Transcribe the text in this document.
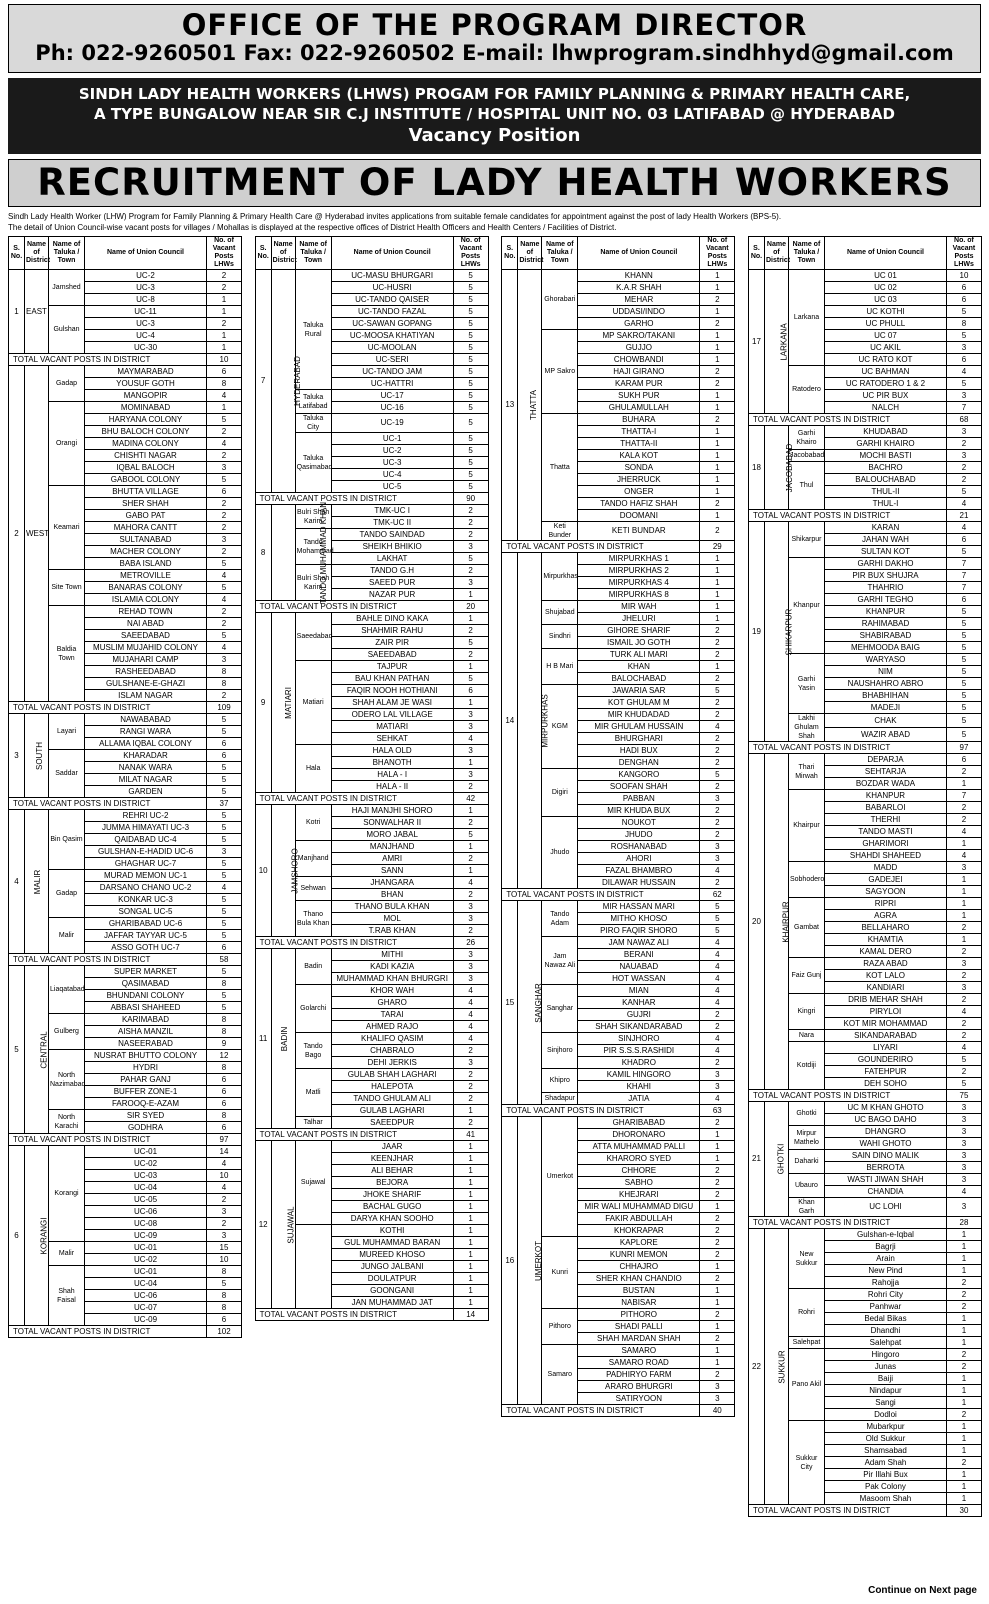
OFFICE OF THE PROGRAM DIRECTOR
Ph: 022-9260501 Fax: 022-9260502 E-mail: lhwprogram.sindhhyd@gmail.com
SINDH LADY HEALTH WORKERS (LHWS) PROGAM FOR FAMILY PLANNING & PRIMARY HEALTH CARE,
A TYPE BUNGALOW NEAR SIR C.J INSTITUTE / HOSPITAL UNIT NO. 03 LATIFABAD @ HYDERABAD
Vacancy Position
RECRUITMENT OF LADY HEALTH WORKERS
Sindh Lady Health Worker (LHW) Program for Family Planning & Primary Health Care @ Hyderabad invites applications from suitable female candidates for appointment against the post of lady Health Workers (BPS-5).
The detail of Union Council-wise vacant posts for villages / Mohallas is displayed at the respective offices of District Health Officers and Health Centers / Facilities of District.
S. No.	Name of District	Name of Taluka / Town	Name of Union Council	No. of Vacant Posts LHWs
1	EAST	Jamshed	UC-2	2
			UC-3	2
			UC-8	1
		Gulshan	UC-11	1
			UC-3	2
			UC-4	1
			UC-30	1
TOTAL VACANT POSTS IN DISTRICT				10
2	WEST	Gadap	MAYMARABAD	6
			YOUSUF GOTH	8
			MANGOPIR	4
		Orangi	MOMINABAD	1
			HARYANA COLONY	5
			BHU BALOCH COLONY	2
			MADINA COLONY	4
			CHISHTI NAGAR	2
			IQBAL BALOCH	3
			GABOOL COLONY	5
		Keamari	BHUTTA VILLAGE	6
			SHER SHAH	2
			GABO PAT	2
			MAHORA CANTT	2
			SULTANABAD	3
			MACHER COLONY	2
			BABA ISLAND	5
		Site Town	METROVILLE	4
			BANARAS COLONY	5
			ISLAMIA COLONY	4
		Baldia Town	REHAD TOWN	2
			NAI ABAD	2
			SAEEDABAD	5
			MUSLIM MUJAHID COLONY	4
			MUJAHARI CAMP	3
			RASHEEDABAD	8
			GULSHANE-E-GHAZI	8
			ISLAM NAGAR	2
TOTAL VACANT POSTS IN DISTRICT				109
3	SOUTH	Layari	NAWABABAD	5
			RANGI WARA	5
			ALLAMA IQBAL COLONY	6
		Saddar	KHARADAR	6
			NANAK WARA	5
			MILAT NAGAR	5
			GARDEN	5
TOTAL VACANT POSTS IN DISTRICT				37
4	MALIR	Bin Qasim	REHRI UC-2	5
			JUMMA HIMAYATI UC-3	5
			QAIDABAD UC-4	5
			GULSHAN-E-HADID UC-6	3
			GHAGHAR UC-7	5
		Gadap	MURAD MEMON UC-1	5
			DARSANO CHANO UC-2	4
			KONKAR UC-3	5
			SONGAL UC-5	5
		Malir	GHARIBABAD UC-6	5
			JAFFAR TAYYAR UC-5	5
			ASSO GOTH UC-7	6
TOTAL VACANT POSTS IN DISTRICT				58
5	CENTRAL	Liaqatabad	SUPER MARKET	5
			QASIMABAD	8
			BHUNDANI COLONY	5
			ABBASI SHAHEED	5
		Gulberg	KARIMABAD	8
			AISHA MANZIL	8
			NASEERABAD	9
		North Nazimabad	NUSRAT BHUTTO COLONY	12
			HYDRI	8
			PAHAR GANJ	6
			BUFFER ZONE-1	6
			FAROOQ-E-AZAM	6
		North Karachi	SIR SYED	8
			GODHRA	6
TOTAL VACANT POSTS IN DISTRICT				97
6	KORANGI	Korangi	UC-01	14
			UC-02	4
			UC-03	10
			UC-04	4
			UC-05	2
			UC-06	3
			UC-08	2
			UC-09	3
		Malir	UC-01	15
			UC-02	10
		Shah Faisal	UC-01	8
			UC-04	5
			UC-06	8
			UC-07	8
			UC-09	6
TOTAL VACANT POSTS IN DISTRICT				102
S. No.	Name of District	Name of Taluka / Town	Name of Union Council	No. of Vacant Posts LHWs
7	HYDERABAD	Taluka Rural	UC-MASU BHURGARI	5
			UC-HUSRI	5
			UC-TANDO QAISER	5
			UC-TANDO FAZAL	5
			UC-SAWAN GOPANG	5
			UC-MOOSA KHATIYAN	5
			UC-MOOLAN	5
			UC-SERI	5
			UC-TANDO JAM	5
			UC-HATTRI	5
		Taluka Latifabad	UC-17	5
			UC-16	5
		Taluka City	UC-19	5
		Taluka Qasimabad	UC-1	5
			UC-2	5
			UC-3	5
			UC-4	5
			UC-5	5
TOTAL VACANT POSTS IN DISTRICT				90
8	TANDO MUHAMMAD KHAN	Bulri Shah Karim	TMK-UC I	2
			TMK-UC II	2
		Tando Mohammad	TANDO SAINDAD	2
			SHEIKH BHIKIO	3
			LAKHAT	5
		Bulri Shah Karim	TANDO G.H	2
			SAEED PUR	3
			NAZAR PUR	1
TOTAL VACANT POSTS IN DISTRICT				20
9	MATIARI	Saeedabad	BAHLE DINO KAKA	1
			SHAHMIR RAHU	2
			ZAIR PIR	5
			SAEEDABAD	2
		Matiari	TAJPUR	1
			BAU KHAN PATHAN	5
			FAQIR NOOH HOTHIANI	6
			SHAH ALAM JE WASI	1
			ODERO LAL VILLAGE	3
			MATIARI	3
			SEHKAT	4
		Hala	HALA OLD	3
			BHANOTH	1
			HALA - I	3
			HALA - II	2
TOTAL VACANT POSTS IN DISTRICT				42
10	JAMSHORO	Kotri	HAJI MANJHI SHORO	1
			SONWALHAR II	2
			MORO JABAL	5
		Manjhand	MANJHAND	1
			AMRI	2
			SANN	1
		Sehwan	JHANGARA	4
			BHAN	2
		Thano Bula Khan	THANO BULA KHAN	3
			MOL	3
			T.RAB KHAN	2
TOTAL VACANT POSTS IN DISTRICT				26
11	BADIN	Badin	MITHI	3
			KADI KAZIA	3
			MUHAMMAD KHAN BHURGRI	3
		Golarchi	KHOR WAH	4
			GHARO	4
			TARAI	4
			AHMED RAJO	4
		Tando Bago	KHALIFO QASIM	4
			CHABRALO	2
			DEHI JERKIS	3
		Matli	GULAB SHAH LAGHARI	2
			HALEPOTA	2
			TANDO GHULAM ALI	2
			GULAB LAGHARI	1
		Talhar	SAEEDPUR	2
TOTAL VACANT POSTS IN DISTRICT				41
12	SUJAWAL	Sujawal	JAAR	1
			KEENJHAR	1
			ALI BEHAR	1
			BEJORA	1
			JHOKE SHARIF	1
			BACHAL GUGO	1
			DARYA KHAN SOOHO	1
			KOTHI	1
			GUL MUHAMMAD BARAN	1
			MUREED KHOSO	1
			JUNGO JALBANI	1
			DOULATPUR	1
			GOONGANI	1
			JAN MUHAMMAD JAT	1
TOTAL VACANT POSTS IN DISTRICT				14
S. No.	Name of District	Name of Taluka / Town	Name of Union Council	No. of Vacant Posts LHWs
13	THATTA	Ghorabari	KHANN	1
			K.A.R SHAH	1
			MEHAR	2
			UDDASI/INDO	1
			GARHO	2
		MP Sakro	MP SAKRO/TAKANI	1
			GUJJO	1
			CHOWBANDI	1
			HAJI GIRANO	2
			KARAM PUR	2
			SUKH PUR	1
			GHULAMULLAH	1
		Thatta	BUHARA	2
			THATTA-I	1
			THATTA-II	1
			KALA KOT	1
			SONDA	1
			JHERRUCK	1
			ONGER	1
			TANDO HAFIZ SHAH	2
			DOOMANI	1
		Keti Bunder	KETI BUNDAR	2
TOTAL VACANT POSTS IN DISTRICT				29
14	MIRPURKHAS	Mirpurkhas	MIRPURKHAS 1	1
			MIRPURKHAS 2	1
			MIRPURKHAS 4	1
			MIRPURKHAS 8	1
		Shujabad	MIR WAH	1
			JHELURI	1
		Sindhri	GIHORE SHARIF	2
			ISMAIL JO GOTH	2
		H B Mari	TURK ALI MARI	2
			KHAN	1
			BALOCHABAD	2
		KGM	JAWARIA SAR	5
			KOT GHULAM M	2
			MIR KHUDADAD	2
			MIR GHULAM HUSSAIN	4
			BHURGHARI	2
			HADI BUX	2
			DENGHAN	2
		Digiri	KANGORO	5
			SOOFAN SHAH	2
			PABBAN	3
			MIR KHUDA BUX	2
		Jhudo	NOUKOT	2
			JHUDO	2
			ROSHANABAD	3
			AHORI	3
			FAZAL BHAMBRO	4
			DILAWAR HUSSAIN	2
TOTAL VACANT POSTS IN DISTRICT				62
15	SANGHAR	Tando Adam	MIR HASSAN MARI	5
			MITHO KHOSO	5
			PIRO FAQIR SHORO	5
		Jam Nawaz Ali	JAM NAWAZ ALI	4
			BERANI	4
			NAUABAD	4
			HOT WASSAN	4
		Sanghar	MIAN	4
			KANHAR	4
			GUJRI	2
			SHAH SIKANDARABAD	2
		Sinjhoro	SINJHORO	4
			PIR S.S.S.RASHIDI	4
			KHADRO	2
		Khipro	KAMIL HINGORO	3
			KHAHI	3
		Shadapur	JATIA	4
TOTAL VACANT POSTS IN DISTRICT				63
16	UMERKOT	Umerkot	GHARIBABAD	2
			DHORONARO	1
			ATTA MUHAMMAD PALLI	1
			KHARORO SYED	1
			CHHORE	2
			SABHO	2
			KHEJRARI	2
			MIR WALI MUHAMMAD DIGU	1
			FAKIR ABDULLAH	2
			KHOKRAPAR	2
		Kunri	KAPLORE	2
			KUNRI MEMON	2
			CHHAJRO	1
			SHER KHAN CHANDIO	2
			BUSTAN	1
			NABISAR	1
		Pithoro	PITHORO	2
			SHADI PALLI	1
			SHAH MARDAN SHAH	2
		Samaro	SAMARO	1
			SAMARO ROAD	1
			PADHIRYO FARM	2
			ARARO BHURGRI	3
			SATIRYOON	3
TOTAL VACANT POSTS IN DISTRICT				40
S. No.	Name of District	Name of Taluka / Town	Name of Union Council	No. of Vacant Posts LHWs
17	LARKANA	Larkana	UC 01	10
			UC 02	6
			UC 03	6
			UC KOTHI	5
			UC PHULL	8
			UC 07	5
			UC AKIL	3
			UC RATO KOT	6
		Ratodero	UC BAHMAN	4
			UC RATODERO 1 & 2	5
			UC PIR BUX	3
			NALCH	7
TOTAL VACANT POSTS IN DISTRICT				68
18	JACOBABAD	Garhi Khairo	KHUDABAD	3
			GARHI KHAIRO	2
		Jacobabad	MOCHI BASTI	3
		Thul	BACHRO	2
			BALOUCHABAD	2
			THUL-II	5
			THUL-I	4
TOTAL VACANT POSTS IN DISTRICT				21
19	SHIKARPUR	Shikarpur	KARAN	4
			JAHAN WAH	6
			SULTAN KOT	5
		Khanpur	GARHI DAKHO	7
			PIR BUX SHUJRA	7
			THAHRIO	7
			GARHI TEGHO	6
			KHANPUR	5
			RAHIMABAD	5
			SHABIRABAD	5
			MEHMOODA BAIG	5
		Garhi Yasin	WARYASO	5
			NIM	5
			NAUSHAHRO ABRO	5
			BHABHIHAN	5
			MADEJI	5
		Lakhi Ghulam Shah	CHAK	5
			WAZIR ABAD	5
TOTAL VACANT POSTS IN DISTRICT				97
20	KHAIRPUR	Thari Mirwah	DEPARJA	6
			SEHTARJA	2
			BOZDAR WADA	1
		Khairpur	KHANPUR	7
			BABARLOI	2
			THERHI	2
			TANDO MASTI	4
			GHARIMORI	1
			SHAHDI SHAHEED	4
		Sobhodero	MADD	3
			GADEJEI	1
			SAGYOON	1
		Gambat	RIPRI	1
			AGRA	1
			BELLAHARO	2
			KHAMTIA	1
			KAMAL DERO	2
		Faiz Gunj	RAZA ABAD	3
			KOT LALO	2
			KANDIARI	3
		Kingri	DRIB MEHAR SHAH	2
			PIRYLOI	4
			KOT MIR MOHAMMAD	2
		Nara	SIKANDARABAD	2
		Kotdiji	LIYARI	4
			GOUNDERIRO	5
			FATEHPUR	2
			DEH SOHO	5
TOTAL VACANT POSTS IN DISTRICT				75
21	GHOTKI	Ghotki	UC M KHAN GHOTO	3
			UC BAGO DAHO	3
		Mirpur Mathelo	DHANGRO	3
			WAHI GHOTO	3
		Daharki	SAIN DINO MALIK	3
			BERROTA	3
		Ubauro	WASTI JIWAN SHAH	3
			CHANDIA	4
		Khan Garh	UC LOHI	3
TOTAL VACANT POSTS IN DISTRICT				28
22	SUKKUR	New Sukkur	Gulshan-e-Iqbal	1
			Bagrji	1
			Arain	1
			New Pind	1
			Rahojja	2
		Rohri	Rohri City	2
			Panhwar	2
			Bedal Bikas	1
			Dhandhi	1
		Salehpat	Salehpat	1
		Pano Akil	Hingoro	2
			Junas	2
			Baiji	1
			Nindapur	1
			Sangi	1
			Dodloi	2
		Sukkur City	Mubarkpur	1
			Old Sukkur	1
			Shamsabad	1
			Adam Shah	2
			Pir Illahi Bux	1
			Pak Colony	1
			Masoom Shah	1
TOTAL VACANT POSTS IN DISTRICT				30
Continue on Next page
